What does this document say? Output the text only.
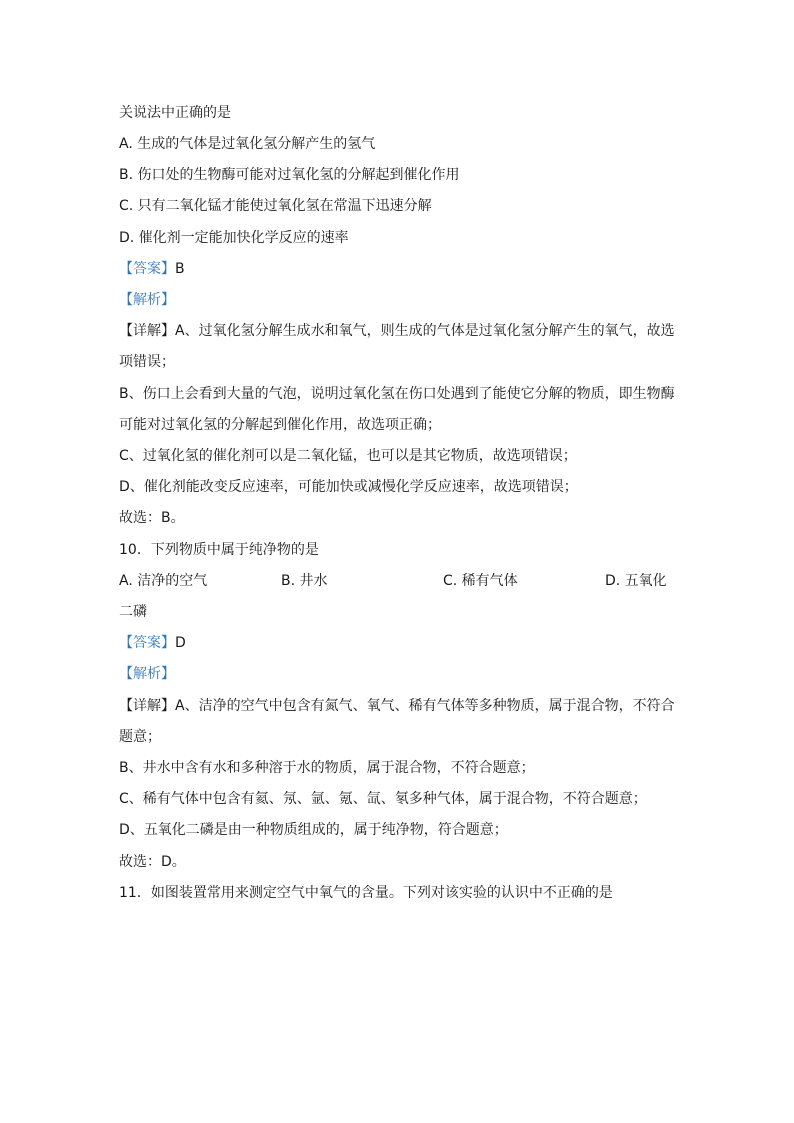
关说法中正确的是
A. 生成的气体是过氧化氢分解产生的氢气
B. 伤口处的生物酶可能对过氧化氢的分解起到催化作用
C. 只有二氧化锰才能使过氧化氢在常温下迅速分解
D. 催化剂一定能加快化学反应的速率
【答案】B
【解析】
【详解】A、过氧化氢分解生成水和氧气，则生成的气体是过氧化氢分解产生的氧气，故选
项错误；
B、伤口上会看到大量的气泡，说明过氧化氢在伤口处遇到了能使它分解的物质，即生物酶
可能对过氧化氢的分解起到催化作用，故选项正确；
C、过氧化氢的催化剂可以是二氧化锰，也可以是其它物质，故选项错误；
D、催化剂能改变反应速率，可能加快或减慢化学反应速率，故选项错误；
故选：B。
10．下列物质中属于纯净物的是
A. 洁净的空气	B. 井水	C. 稀有气体	D. 五氧化
二磷
【答案】D
【解析】
【详解】A、洁净的空气中包含有氮气、氧气、稀有气体等多种物质，属于混合物，不符合
题意；
B、井水中含有水和多种溶于水的物质，属于混合物，不符合题意；
C、稀有气体中包含有氦、氖、氩、氪、氙、氡多种气体，属于混合物，不符合题意；
D、五氧化二磷是由一种物质组成的，属于纯净物，符合题意；
故选：D。
11．如图装置常用来测定空气中氧气的含量。下列对该实验的认识中不正确的是
